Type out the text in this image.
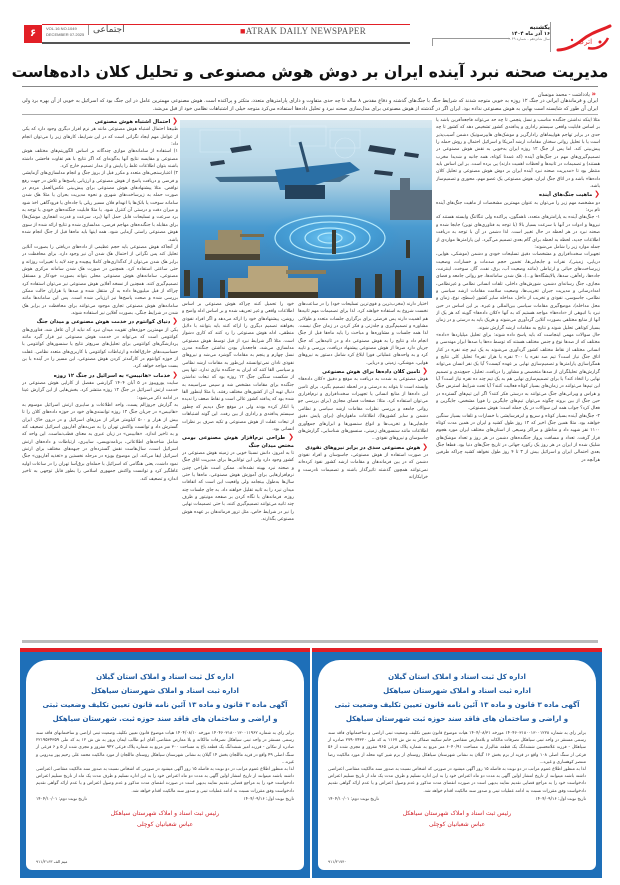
۶	VOL.16 NO.1049
DECEMBER 07.2025 اجتماعی	■ATRAK DAILY NEWSPAPER	یکشنبه
۱۶ آذر ماه ۱۴۰۴
سال شانزدهم - شماره ۱۰۴۹	اترک
مدیریت صحنه نبرد آینده ایران بر دوش هوش مصنوعی و تحلیل کلان داده‌هاست
« یادداشت - محمد مونسان
ایران و فرماندهان ایرانی در جنگ ۱۲ روزه به خوبی متوجه شدند که شرایط جنگ با جنگ‌های گذشته و دفاع مقدس ۸ ساله تا چه حدی متفاوت و دارای پارامترهای متعدد، متکثر و پراکنده است. هوش مصنوعی مهمترین عامل در این جنگ بود که اسرائیل به خوبی از آن بهره برد ولی ایران آن طور که شایسته است بهایی به هوش مصنوعی نداده بود. ایران اگر در گذشته از هوش مصنوعی برای مدل‌سازی صحنه نبرد و تحلیل داده‌ها استفاده می‌کرد متوجه خیلی از اشتباهات نظامی خود از قبل می‌شد.

مثلا اینکه نداشتن جنگنده مناسب و نسل پنجمی تا چه حد می‌تواند فاجعه‌آفرین باشد یا بر اساس قابلیت واقعی سیستم راداری و پدافندی کشور تشخیص دهد که کشور تا چه حدی در برابر تهاجم هواپیماهای رادارگریز و موشک‌های هایپرسونیک دشمن آسیب‌پذیر است یا با تحلیل روانی سخنان مقامات ارشد آمریکا و اسرائیل احتمال و روش حمله را پیش‌بینی کند. اما پس از جنگ ۱۲ روزه ایران به‌خوبی به نقش هوش مصنوعی در تصمیم‌گیری‌های مهم در جنگ‌های آینده (که عمدتا کوتاه، همه جانبه و شدیدا مخرب هستند) و تصمیمات در ثانیه‌ها و لحظات اهمیت دارند) پی برده است. بر این اساس باید منتظر بود تا «مدیریت صحنه نبرد آینده ایران بر دوش هوش مصنوعی و تحلیل کلان داده‌ها» باشد و در اتاق جنگ ایران، هوش مصنوعی یک عضو مهم، محوری و تصمیم‌ساز باشد.

❮ ماهیت جنگ‌های آینده

دو مشخصه مهم زیر را می‌توان به عنوان مهمترین مشخصات از ماهیت جنگ‌های آینده نام برد:

۱- جنگ‌های آینده به پارامترهای متعدد، ناهمگون، پراکنده ولی تنگاتنگ وابسته هستند که نیروها و ادوات در آنها با سرعت بسیار بالا (با توجه به فناوری‌های نوین) جابجا شده و صحنه نبرد در هر لحظه در حال تغییر است. لذا دشمن در آن با توجه به دریافت اطلاعات جدید، لحظه به لحظه برای گام بعدی تصمیم می‌گیرد. این پارامترها مواردی از جمله موارد زیر را شامل می‌شوند:

تجهیزات سخت‌افزاری و مشخصات دقیق تسلیحات خودی و دشمن (موشکی، هوایی، دریایی، زمینی)، نفرات و جابجایی‌ها، تخمین حجم صدمات و خسارات، وضعیت زیرساخت‌های حیاتی و ارتباطی (مانند وضعیت آب، برق، نفت، گاز، سوخت، اینترنت، جاده‌ها، راه‌آهن، سدها، پالایشگاه‌ها و...)، هک شدن سامانه‌ها، جو روانی جامعه و فضای مجازی، جنگ رسانه‌ای دشمن، شورش‌های داخلی، تلفات انسانی نظامی و غیرنظامی، امدادرسانی و مدیریت جبران تخریب‌ها، وضعیت سلامت مقامات ارشد سیاسی و نظامی، جاسوسی، نفوذی و تخریب از داخل، مداخله سایر کشور (سطح، نوع، زمان و محل مداخله)، موضع‌گیری مقامات سیاسی بین‌المللی و غیره. بر این اساس در حین نبرد با انبوهی از «داده‌ها» مواجه هستیم که به آنها «کلان داده‌ها» گویند که هر یک از آنها از منابع مختلفی بصورت آنلاین گردآوری می‌شوند و هریک باید به درستی و در زمان بسیار کوتاهی تحلیل شوند و نتایج به مقامات ارشد گزارش شوند.

حال سوالات مهمی اینجاست که باید پاسخ داده شوند: برای تحلیل میلیاردها «داده» مختلف که از صدها نوع و جنس مختلف هستند که توسط ده‌ها یا صدها ابزار مهندسی و انسانی مختلف از نقاط مختلف کشور گردآوری می‌شوند به یک تیم چند نفره در کنار اتاق جنگ نیاز است؟ تیم صد نفره یا ۲۰۰ نفره یا هزار نفره؟ تحلیل کلی نتایج و همگرا‌سازی پارامترها و تصمیم‌سازی نهایی بر عهده کیست؟ آیا یک نفر انسان می‌تواند گزارش‌های تحلیلگران از صدها متخصص و مشاور را دریافت، تحلیل، جمع‌بندی و تصمیم نهایی را اتخاذ کند؟ یا برای تصمیم‌سازی نهایی هم به یک تیم چند ده نفره نیاز است؟ آیا این تیم‌ها می‌توانند در زمان‌های بسیار کوتاه فعالیت کنند؟ آیا تحت شرایط استرس جنگ و هراس و ویرانی‌های جنگ می‌توانند به درستی فکر کنند؟ اگر این تیم‌های گسترده در حین جنگ از بین بروند چگونه می‌توان تیم‌های جایگزین را فورا مشخص، جایگزین و فعال کرد؟ جواب همه این سوالات در یک جمله است: هوش مصنوعی.

۲- جنگ‌های آینده بسیار کوتاه و سریع و ابرفرسایشی با خسارات و تلفات بسیار سنگین خواهند بود. مثلا همین جنگ اخیر که ۱۲ روز طول کشید و ایران در همین مدت کوتاه ۱۱۰۰ نفر شهید داد و مناطق و مراکز وسیعی از استان‌های مختلف ایران مورد هجوم قرار گرفت. تعداد و مسافت پرواز جنگنده‌های دشمن در هر روز و تعداد موشک‌های شلیک شده از ایران در هر روز یک رکورد جهانی در تاریخ جنگ‌های دنیا بود. قطعا جنگ بعدی احتمالی ایران و اسرائیل بیش از ۳ تا ۴ روز طول نخواهد کشید چراکه طرفین هرآنچه در

اختیار دارند (مخرب‌ترین و قوی‌ترین تسلیحات خود) را در ساعت‌های نخست شروع به استفاده خواهند کرد. لذا برای تصمیمات مهم ثانیه‌ها هم اهمیت دارند پس فرصتی برای برگزاری جلسات متعدد و طولانی مشاوره و تصمیم‌گیری و جلدزنی و فکر کردن در زمان جنگ نیست. لذا همه جلسات و مشاوره‌ها و مباحث را باید ماه‌ها قبل از جنگ انجام داد و نتایج را به هوش مصنوعی داد و در ثانیه‌هایی که جنگ جریان دارد صرفا از هوش مصنوعی پیشنهاد دریافت، بررسی و تایید کرد و به واحدهای عملیاتی فورا ابلاغ کرد شامل دستور به نیروهای هوایی، موشکی، زمینی و دریایی.

❮ تامین کلان داده‌ها برای هوش مصنوعی

هوش مصنوعی به شدت به دریافت به موقع و دقیق «کلان داده‌ها» وابسته است تا بتواند به درستی و در لحظه تصمیم بگیرد. برای تامین این داده‌ها از منابع انسانی یا تجهیزات سخت‌افزاری و نرم‌افزاری می‌توان استفاده کرد. مثلا: صفحات فضای مجازی (برای بررسی جو روانی جامعه و بررسی نظرات مقامات ارشد سیاسی و نظامی دشمن و سایر کشورها)، اطلاعات ماهواره‌ای (برای پایش دقیق جابجایی‌ها و تخریب‌ها و انواع سنسورها و ابزارهای جمع‌آوری اطلاعات مانند سنسورهای زمینی، سنسورهای شناسایی، گزارش‌های جاسوسان و نیروهای نفوذی...

❮ هوش مصنوعی سدی در برابر نیروهای نفوذی

در صورت استفاده از هوش مصنوعی، جاسوسان و افراد نفوذی دشمن که در بین فرماندهان و مقامات ارشد کشور نفوذ کرده‌اند نمی‌توانند همچون گذشته تاثیرگذار باشند و تصمیمات نادرست و خرابکارانه

خود را تحمیل کنند چراکه هوش مصنوعی بر اساس اطلاعات واقعی و غیر تحریف شده و بر اساس ادله واضح و روشن، پیشنهادهای خود را ارائه می‌دهد و اگر افراد نفوذی بخواهند تصمیم دیگری را ارائه کنند باید بتوانند با دلایل منطقی، ادله هوش مصنوعی را رد کنند که کاری دشوار است. مثلا اگر شرایط نبرد از قبل توسط هوش مصنوعی مدلسازی می‌شد، فاجعه‌بار بودن نداشتن جنگنده مدرن نسل چهارم و پنجم به مقامات گوشزد می‌شد و نیروهای نفوذی نادان نمی‌توانستند این‌طور به مقامات ارشد نظامی و سیاسی القا کنند که ایران به جنگنده نیازی ندارد. تنها پس از شکست سنگین جنگ ۱۲ روزه بود که تبعات نداشتن جنگنده برای مقامات مشخص شد و سپس سراسیمه به دنبال تهیه آن از کشورهای مختلف رفتند. یا مثلا اینطور القا شده بود که پدافند کشور عالی است و نقاط ضعف را ندیده یا انکار کرده بودند ولی در موقع جنگ دیدیم که چطور سیستم پدافندی و راداری از بین رفت. این گونه اشتباهات از تبعات غفلت از هوش مصنوعی و تکیه صرف بر نظرات انسانی بود.

❮ طراحی نرم‌افزار هوش مصنوعی بومی مختص میدان جنگ

تا به امروز، دانش نسبتا خوبی در زمینه هوش مصنوعی در کشور وجود دارد ولی این توانایی‌ها برای مدیریت اتاق جنگ و صحنه نبرد بهینه نشده‌اند. ممکن است طراحی چنین نرم‌افزارهایی برای آموزش هوش مصنوعی، ماه‌ها یا حتی سال‌ها به‌طول بینجامد ولی واقعیت این است که اتفاقات میدان نبرد را به ثانیه تقلیل خواهند داد. به جای جلسات چند روزه، فرماندهان با نگاه کردن بر صفحه مونیتور و ظرف چند ثانیه می‌توانند تصمیم‌گیری کنند، با حتی تصمیمات نهایی را نیز در شرایط خاص، مثل ترور فرماندهان بر عهده هوش مصنوعی بگذارند.

❮ احتمال اشتباه هوش مصنوعی

طبیعتا احتمال اشتباه هوش مصنوعی مانند هر نرم افزار دیگری وجود دارد که یکی از عوامل مهم ایجاد نگرانی است که در این شرایط، کارهای زیر را می‌توان انجام داد:

۱) استفاده از سامانه‌های موازی چندگانه بر اساس الگوریتم‌های مختلف هوش مصنوعی و مقایسه نتایج آنها به‌گونه‌ای که اگر نتایج با هم تفاوت فاحشی داشته باشند بتوان اطلاعات غلط را پایش و از مدار تصمیم خارج کرد.

۲) اعتبارسنجی‌های متعدد و مکرر قبل از بروز جنگ و انجام مدلسازی‌های آزمایشی و فرضی و دریافت پاسخ از هوش مصنوعی و ارزیابی پاسخ‌ها و تلاش در جهت رفع نواقص. مثلا پیشنهادهای هوش مصنوعی برای پیش‌بینی عکس‌العمل مردم در صورت حمله به زیرساخت‌های شهری و نحوه مدیریت بحران یا مثلا هک شدن سامانه سوخت یا بانک‌ها یا انهدام فلان مسیر ریلی یا جاده‌ای یا فرودگاهی اخذ شود و میزان دقت و درستی آن کنترل شود. یا مثلا قابلیت جنگنده‌های خودی با توجه به برد سرعت و تسلیحات قابل حمل آنها (برد، سرعت و قدرت انفجاری موشک‌ها) برای مقابله با جنگنده‌های مهاجم فرضی، مدلسازی شده و نتایج ارائه شده از سوی هوش مصنوعی راستی آزمایی شود. همه اینها باید ماه‌ها قبل از جنگ انجام شده باشد.

از آنجاکه هوش مصنوعی باید حجم عظیمی از داده‌های دریافتی را بصورت آنلاین تحلیل کند پس نگرانی از احتمال هک شدن آن نیز وجود دارد. برای محافظت در برابر هک شدن می‌توان از کدگذاری‌های کاملا پیچیده و چند لایه با تغییرات روزانه و حتی ساعتی استفاده کرد. همچنین در صورت هک شدن سامانه مرکزی هوش مصنوعی، سامانه‌های هوش مصنوعی محلی بتواند بصورت خودکار و مستقل تصمیم‌گیری کنند. همچنین از نسخه آفلاین هوش مصنوعی نیز می‌توان استفاده کرد چراکه از قبل میلیون‌ها داده به آن منتقل شده و صدها یا هزاران حالت ممکن بررسی شده و صحت پاسخ‌ها نیز ارزیابی شده است. پس این سامانه‌ها مانند سامانه‌های هوش مصنوعی تجاری موجود می‌توانند برای محافظت در برابر هک شدن در شرایط جنگی، بصورت آفلاین نیز استفاده شوند.

❮ دنیای کوانتوم در خدمت هوش مصنوعی و میدان جنگ

یکی از مهمترین حوزه‌های تقویت میدان نبرد که نباید از آن غافل شد، فناوری‌های کوانتومی است که می‌تواند در خدمت هوش مصنوعی نیز قرار گیرد مانند پردازشگرهای کوانتومی برای تحلیل‌های سریع‌تر نتایج یا سنسورهای کوانتومی با حساسیت‌های خارق‌العاده و ارتباطات کوانتومی با کاربری‌های متعدد نظامی. غفلت از حوزه کوانتوم در کارآمدتر کردن هوش مصنوعی، این مسیر را در آینده با بن بست مواجه خواهد کرد.

❮ خدمات «هانیبس» به اسرائیل در جنگ ۱۲ روزه

سایت یوروپیوز در ۵ آبان ۱۴۰۴ گزارشی مفصل از کارایی هوش مصنوعی در خدمت ارتش اسرائیل در جنگ ۱۲ روزه منتشر کرد. بخش‌هایی از این گزارش عینا در ادامه ذکر می‌شود:

به گزارش جروزالم پست، واحد اطلاعات و سایبری ارتش اسرائیل موسوم به «هانیبس» در جریان جنگ ۱۲ روزه توانمندی‌های خود در حوزه داده‌های کلان را تا بیش از هزار و ۵۰۰ کیلومتر فراتر از مرزهای اسرائیل و در درون خاک ایران گسترش داد و توانست واکنش تهران را به ضربه‌های آفاریون اسرائیل تضعیف کند و به تاخیر اندازد. «هانیبس» در زبان عبری به معنای قطب‌نماست. این واحد که شامل شاخه‌های اطلاعاتی، برنامه‌نویسی، سایبری، ارتباطات و داده‌های ارتش اسرائیل است، سال‌هاست نقش گسترده‌ای در جبهه‌های مختلف برای ارتش اسرائیل ایفا می‌کند. این موضوع بویژه در مرحله نخستین و «تغذیه آفاریون» جنگ نمود داشت، یعنی هنگامی که اسرائیل با حمله‌ای برق‌آسا تهران را در ساعات اولیه غافلگیر کرد و توانست واکنش جمهوری اسلامی را بطور قابل توجهی به تاخیر اندازد و تضعیف کند.

اداره کل ثبت اسناد و املاک استان گیلان
اداره ثبت اسناد و املاک شهرستان سیاهکل
آگهی ماده ۳ قانون و ماده ۱۳ آئین نامه قانون تعیین تکلیف وضعیت ثبتی
و اراضی و ساختمان های فاقد سند حوزه ثبت شهرستان سیاهکل

برابر رای به شماره ۱۴۰۴۶۰۳۱۸۰۰۱۳۰۰۱۲۲۸ مورخه ۱۴۰۴/۰۸/۳۱ هیات موضوع قانون تعیین تکلیف وضعیت ثبتی اراضی و ساختمانهای فاقد سند رسمی مستقر در واحد ثبتی سیاهکل تصرفات مالکانه و بلامعارض متقاضی خانم سکینه صفاکر به ش ش ۱۱۶۷ به کد ملی ۲۷۹۰۷۴۳۲۰ صادره از سیاهکل - فرزند غلامحسین ششدانگ یک قطعه شالیزار به مساحت ۶۰۴۰/۹۱ متر مربع به شماره پلاک فرعی ۹۶۵ مفروز و مجزی شده از ۵۶ فرعی از سنگ اصلی ۱۰۸ واقع در قریه از برم بخش ۱۶ گیلان به نشانی شهرستان سیاهکل روستای از برم شیر کوه محله از مورد مالکیت رضا منتصر کوهساری و غیره...

لذا به منظور اطلاع عموم مراتب در دو نوبت به فاصله ۱۵ روز آگهی میشود در صورتی که اشخاص نسبت به صدور سند مالکیت متقاضی اعتراضی داشته باشند میتوانند از تاریخ انتشار اولین آگهی به مدت دو ماه اعتراض خود را به این اداره تسلیم و ظرف مدت یک ماه از تاریخ تسلیم اعتراض دادخواست خود را به مراجع قضایی تقدیم نمایند بدیهی است در صورت انقضای مدت مذکور و عدم وصول اعتراض و یا عدم ارائه گواهی تقدیم دادخواست وفق مقررات نسبت به ادامه عملیات ثبتی و صدور سند مالکیت اقدام خواهد شد.

تاریخ نوبت اول: ۱۴۰۴/۰۹/۱۶
تاریخ نوبت دوم: ۱۴۰۴/۱۰/۰۱
رئیس ثبت اسناد و املاک شهرستان سیاهکل
عباس شعبانیان کوچلی
۹۱۱/۲۱۷۴۰
اداره کل ثبت اسناد و املاک استان گیلان
اداره ثبت اسناد و املاک شهرستان سیاهکل
آگهی ماده ۳ قانون و ماده ۱۳ آئین نامه قانون تعیین تکلیف وضعیت ثبتی
و اراضی و ساختمان های فاقد سند حوزه ثبت. شهرستان سیاهکل

برابر رای به شماره ۱۴۰۴۶۰۳۱۸۰۰۱۳۰۰۱۱۹۶۲ مورخه ۱۴۰۴/۰۸/۱۰ هیات موضوع قانون تعیین تکلیف وضعیت ثبتی اراضی و ساختمانهای فاقد سند رسمی مستقر در واحد ثبتی سیاهکل تصرفات مالکانه و بلا معارض متقاضی آقای ابو طالب ایمان پرور به ش ش ۱۲ به کد ملی ۲۲۱۹۵۳۴۳۵۹ صادره از تنکابن - فرزند امیر ششدانگ یک قطعه باغ به مساحت ۳۰۰ متر مربع به شماره پلاک فرعی ۹۴۲ مفروز و مجزی شده از ۵ و ۶ فرعی از سنگ اصلی ۴۹ واقع در قریه ماللجان بخش ۱۴ گیلان به نشانی شهرستان سیاهکل روستای ماللجان از مورد مالکیت محمد علی رحیم پور بیدرونی و غیره...

لذا به منظور اطلاع عموم مراتب در دو نوبت به فاصله ۱۵ روز آگهی میشود در صورتی که اشخاص نسبت به صدور سند مالکیت متقاضی اعتراضی داشته باشند میتوانند از تاریخ انتشار اولین آگهی به مدت دو ماه اعتراض خود را به این اداره تسلیم و ظرف مدت یک ماه از تاریخ تسلیم اعتراض دادخواست خود را به مراجع قضایی تقدیم نمایند بدیهی است در صورت انقضای مدت مذکور و عدم وصول اعتراض و یا عدم ارائه گواهی تقدیم دادخواست وفق مقررات نسبت به ادامه عملیات ثبتی و صدور سند مالکیت اقدام خواهد شد.

تاریخ نوبت اول: ۱۴۰۴/۰۹/۱۶
تاریخ نوبت دوم: ۱۴۰۴/۱۰/۰۱
رئیس ثبت اسناد و املاک شهرستان سیاهکل
عباس شعبانیان کوچلی
میم الف ۹۱۱/۲۱۶۳
